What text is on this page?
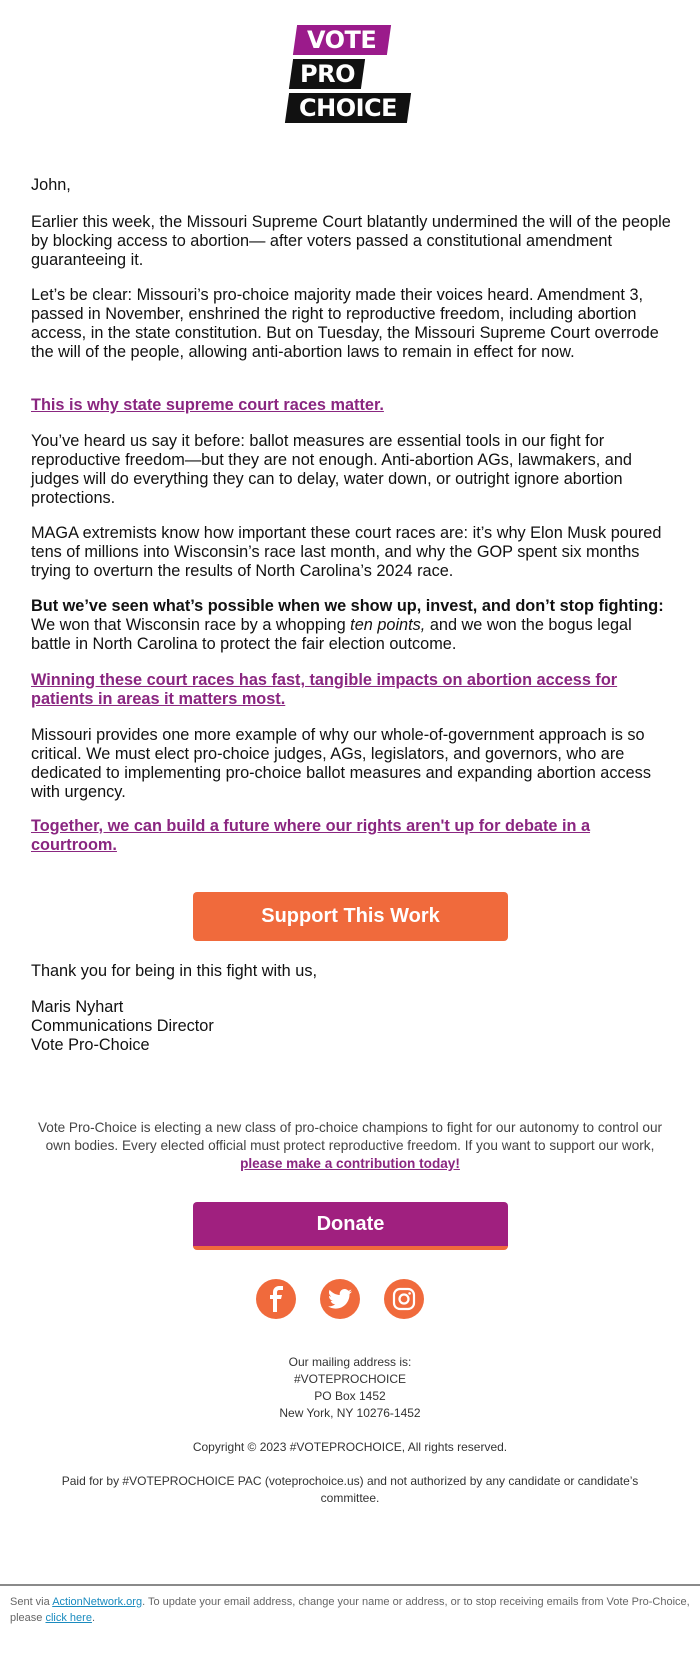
VOTE
PRO
CHOICE
John,
Earlier this week, the Missouri Supreme Court blatantly undermined the will of the people by blocking access to abortion— after voters passed a constitutional amendment guaranteeing it.
Let’s be clear: Missouri’s pro-choice majority made their voices heard. Amendment 3, passed in November, enshrined the right to reproductive freedom, including abortion access, in the state constitution. But on Tuesday, the Missouri Supreme Court overrode the will of the people, allowing anti-abortion laws to remain in effect for now.
This is why state supreme court races matter.
You’ve heard us say it before: ballot measures are essential tools in our fight for reproductive freedom—but they are not enough. Anti-abortion AGs, lawmakers, and judges will do everything they can to delay, water down, or outright ignore abortion protections.
MAGA extremists know how important these court races are: it’s why Elon Musk poured tens of millions into Wisconsin’s race last month, and why the GOP spent six months trying to overturn the results of North Carolina’s 2024 race.
But we’ve seen what’s possible when we show up, invest, and don’t stop fighting: We won that Wisconsin race by a whopping ten points, and we won the bogus legal battle in North Carolina to protect the fair election outcome.
Winning these court races has fast, tangible impacts on abortion access for patients in areas it matters most.
Missouri provides one more example of why our whole-of-government approach is so critical. We must elect pro-choice judges, AGs, legislators, and governors, who are dedicated to implementing pro-choice ballot measures and expanding abortion access with urgency.
Together, we can build a future where our rights aren't up for debate in a courtroom.
Thank you for being in this fight with us,
Maris Nyhart
Communications Director
Vote Pro-Choice
Support This Work
Vote Pro-Choice is electing a new class of pro-choice champions to fight for our autonomy to control our own bodies. Every elected official must protect reproductive freedom. If you want to support our work, please make a contribution today!
Donate
Our mailing address is:
#VOTEPROCHOICE
PO Box 1452
New York, NY 10276-1452
Copyright © 2023 #VOTEPROCHOICE, All rights reserved.
Paid for by #VOTEPROCHOICE PAC (voteprochoice.us) and not authorized by any candidate or candidate’s committee.
Sent via ActionNetwork.org. To update your email address, change your name or address, or to stop receiving emails from Vote Pro-Choice, please click here.
